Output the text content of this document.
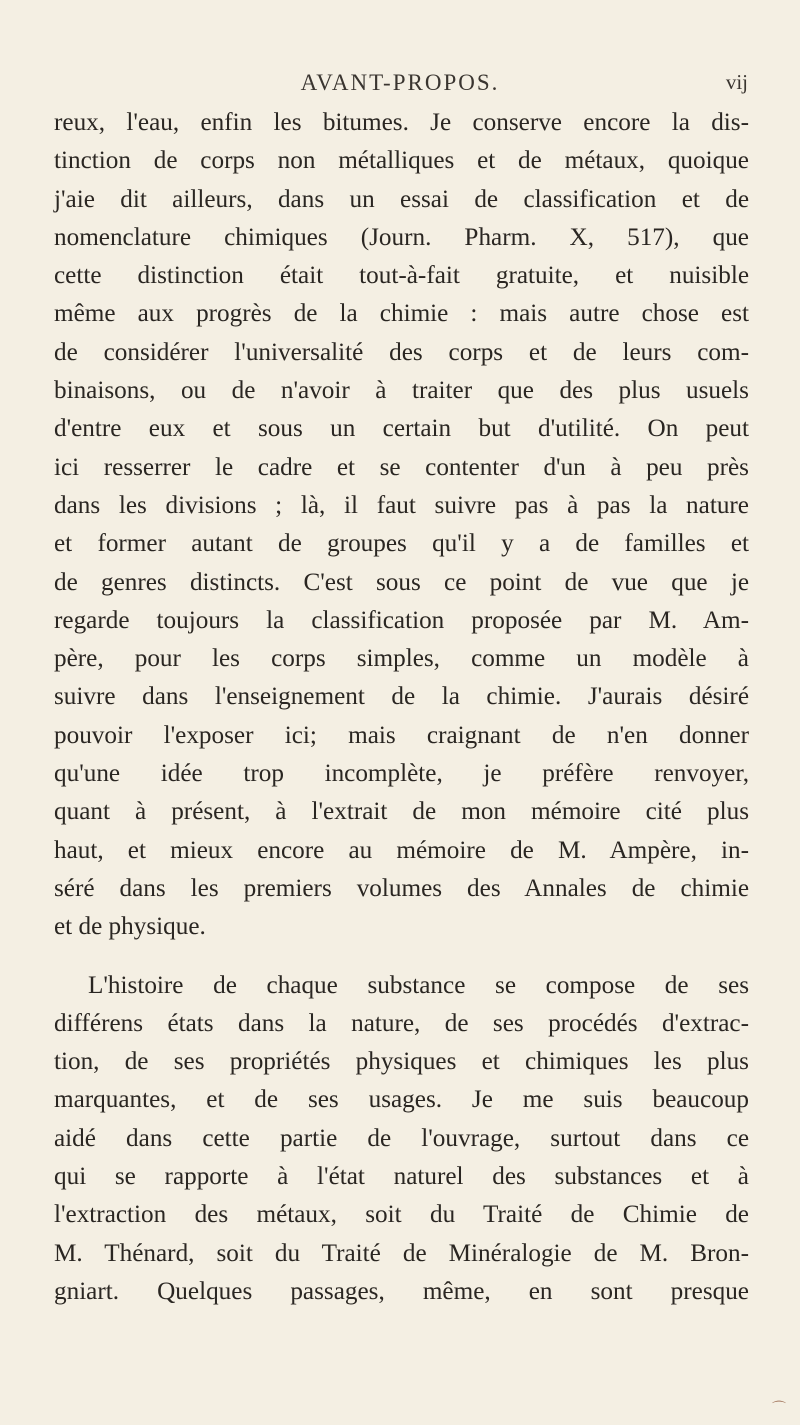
AVANT-PROPOS.	vij
reux, l'eau, enfin les bitumes. Je conserve encore la dis-
tinction de corps non métalliques et de métaux, quoique
j'aie dit ailleurs, dans un essai de classification et de
nomenclature chimiques (Journ. Pharm. X, 517), que
cette distinction était tout-à-fait gratuite, et nuisible
même aux progrès de la chimie : mais autre chose est
de considérer l'universalité des corps et de leurs com-
binaisons, ou de n'avoir à traiter que des plus usuels
d'entre eux et sous un certain but d'utilité. On peut
ici resserrer le cadre et se contenter d'un à peu près
dans les divisions ; là, il faut suivre pas à pas la nature
et former autant de groupes qu'il y a de familles et
de genres distincts. C'est sous ce point de vue que je
regarde toujours la classification proposée par M. Am-
père, pour les corps simples, comme un modèle à
suivre dans l'enseignement de la chimie. J'aurais désiré
pouvoir l'exposer ici; mais craignant de n'en donner
qu'une idée trop incomplète, je préfère renvoyer,
quant à présent, à l'extrait de mon mémoire cité plus
haut, et mieux encore au mémoire de M. Ampère, in-
séré dans les premiers volumes des Annales de chimie
et de physique.
L'histoire de chaque substance se compose de ses
différens états dans la nature, de ses procédés d'extrac-
tion, de ses propriétés physiques et chimiques les plus
marquantes, et de ses usages. Je me suis beaucoup
aidé dans cette partie de l'ouvrage, surtout dans ce
qui se rapporte à l'état naturel des substances et à
l'extraction des métaux, soit du Traité de Chimie de
M. Thénard, soit du Traité de Minéralogie de M. Bron-
gniart. Quelques passages, même, en sont presque
⌒
